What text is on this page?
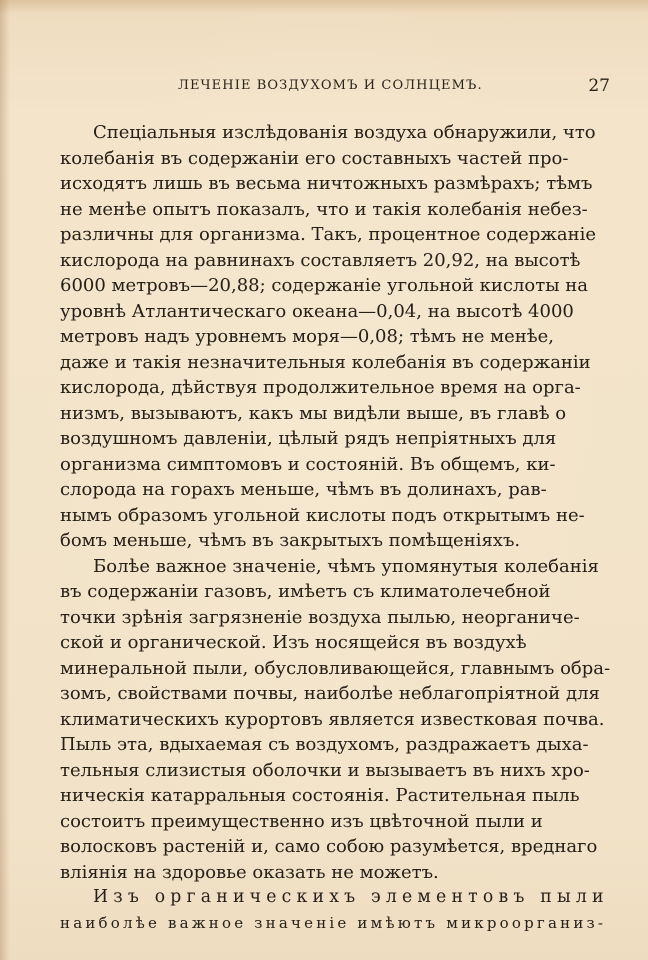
ЛЕЧЕНІЕ ВОЗДУХОМЪ И СОЛНЦЕМЪ.	27
Спеціальныя изслѣдованія воздуха обнаружили, что
колебанія въ содержаніи его составныхъ частей про-
исходятъ лишь въ весьма ничтожныхъ размѣрахъ; тѣмъ
не менѣе опытъ показалъ, что и такія колебанія небез-
различны для организма. Такъ, процентное содержаніе
кислорода на равнинахъ составляетъ 20,92, на высотѣ
6000 метровъ—20,88; содержаніе угольной кислоты на
уровнѣ Атлантическаго океана—0,04, на высотѣ 4000
метровъ надъ уровнемъ моря—0,08; тѣмъ не менѣе,
даже и такія незначительныя колебанія въ содержаніи
кислорода, дѣйствуя продолжительное время на орга-
низмъ, вызываютъ, какъ мы видѣли выше, въ главѣ о
воздушномъ давленіи, цѣлый рядъ непріятныхъ для
организма симптомовъ и состояній. Въ общемъ, ки-
слорода на горахъ меньше, чѣмъ въ долинахъ, рав-
нымъ образомъ угольной кислоты подъ открытымъ не-
бомъ меньше, чѣмъ въ закрытыхъ помѣщеніяхъ.
Болѣе важное значеніе, чѣмъ упомянутыя колебанія
въ содержаніи газовъ, имѣетъ съ климатолечебной
точки зрѣнія загрязненіе воздуха пылью, неорганиче-
ской и органической. Изъ носящейся въ воздухѣ
минеральной пыли, обусловливающейся, главнымъ обра-
зомъ, свойствами почвы, наиболѣе неблагопріятной для
климатическихъ курортовъ является известковая почва.
Пыль эта, вдыхаемая съ воздухомъ, раздражаетъ дыха-
тельныя слизистыя оболочки и вызываетъ въ нихъ хро-
ническія катарральныя состоянія. Растительная пыль
состоитъ преимущественно изъ цвѣточной пыли и
волосковъ растеній и, само собою разумѣется, вреднаго
вліянія на здоровье оказать не можетъ.
Изъ органическихъ элементовъ пыли
наиболѣе важное значеніе имѣютъ микроорганиз-
